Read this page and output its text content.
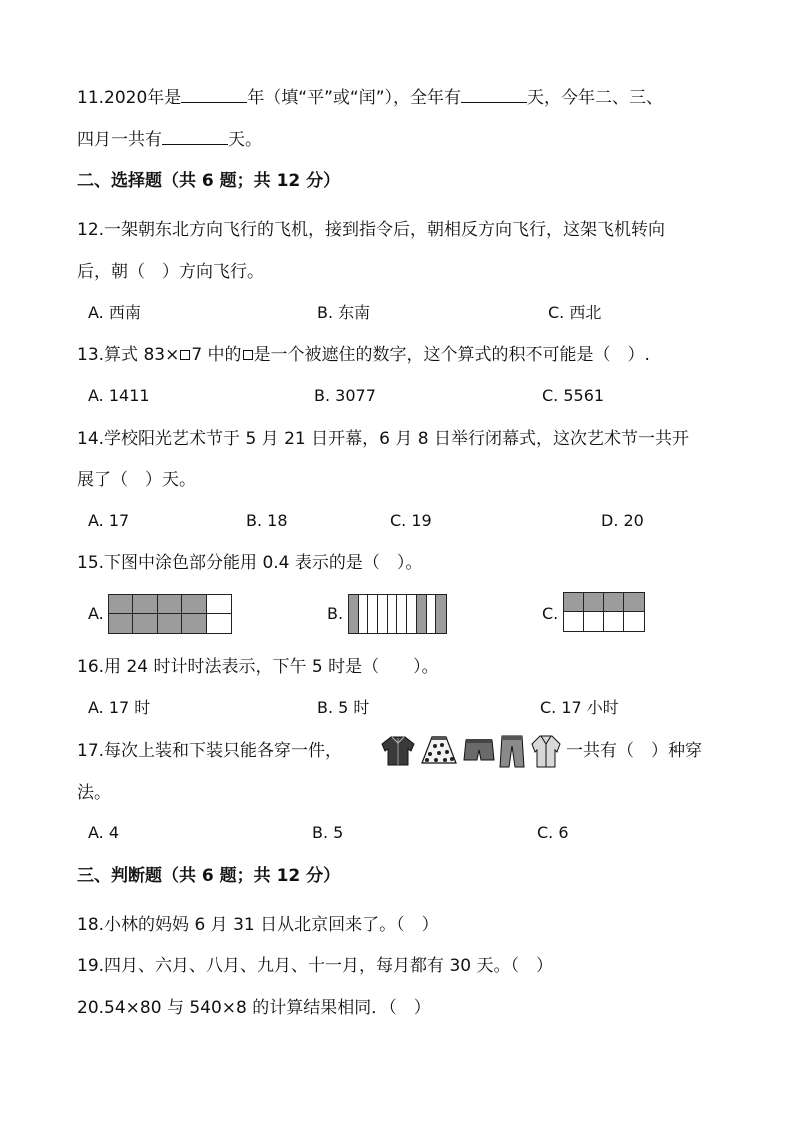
11.2020年是	年（填“平”或“闰”），全年有	天，今年二、三、
四月一共有	天。
二、选择题（共 6 题；共 12 分）
12.一架朝东北方向飞行的飞机，接到指令后，朝相反方向飞行，这架飞机转向
后，朝（　）方向飞行。
A. 西南	B. 东南	C. 西北
13.算式 83× 7 中的 是一个被遮住的数字，这个算式的积不可能是（　）.
A. 1411	B. 3077	C. 5561
14.学校阳光艺术节于 5 月 21 日开幕，6 月 8 日举行闭幕式，这次艺术节一共开
展了（　）天。
A. 17	B. 18	C. 19	D. 20
15.下图中涂色部分能用 0.4 表示的是（　）。
A.	B.	C.
16.用 24 时计时法表示，下午 5 时是（　　）。
A. 17 时	B. 5 时	C. 17 小时
17.每次上装和下装只能各穿一件，	一共有（　）种穿
法。
A. 4	B. 5	C. 6
三、判断题（共 6 题；共 12 分）
18.小林的妈妈 6 月 31 日从北京回来了。（　）
19.四月、六月、八月、九月、十一月，每月都有 30 天。（　）
20.54×80 与 540×8 的计算结果相同．（　）
